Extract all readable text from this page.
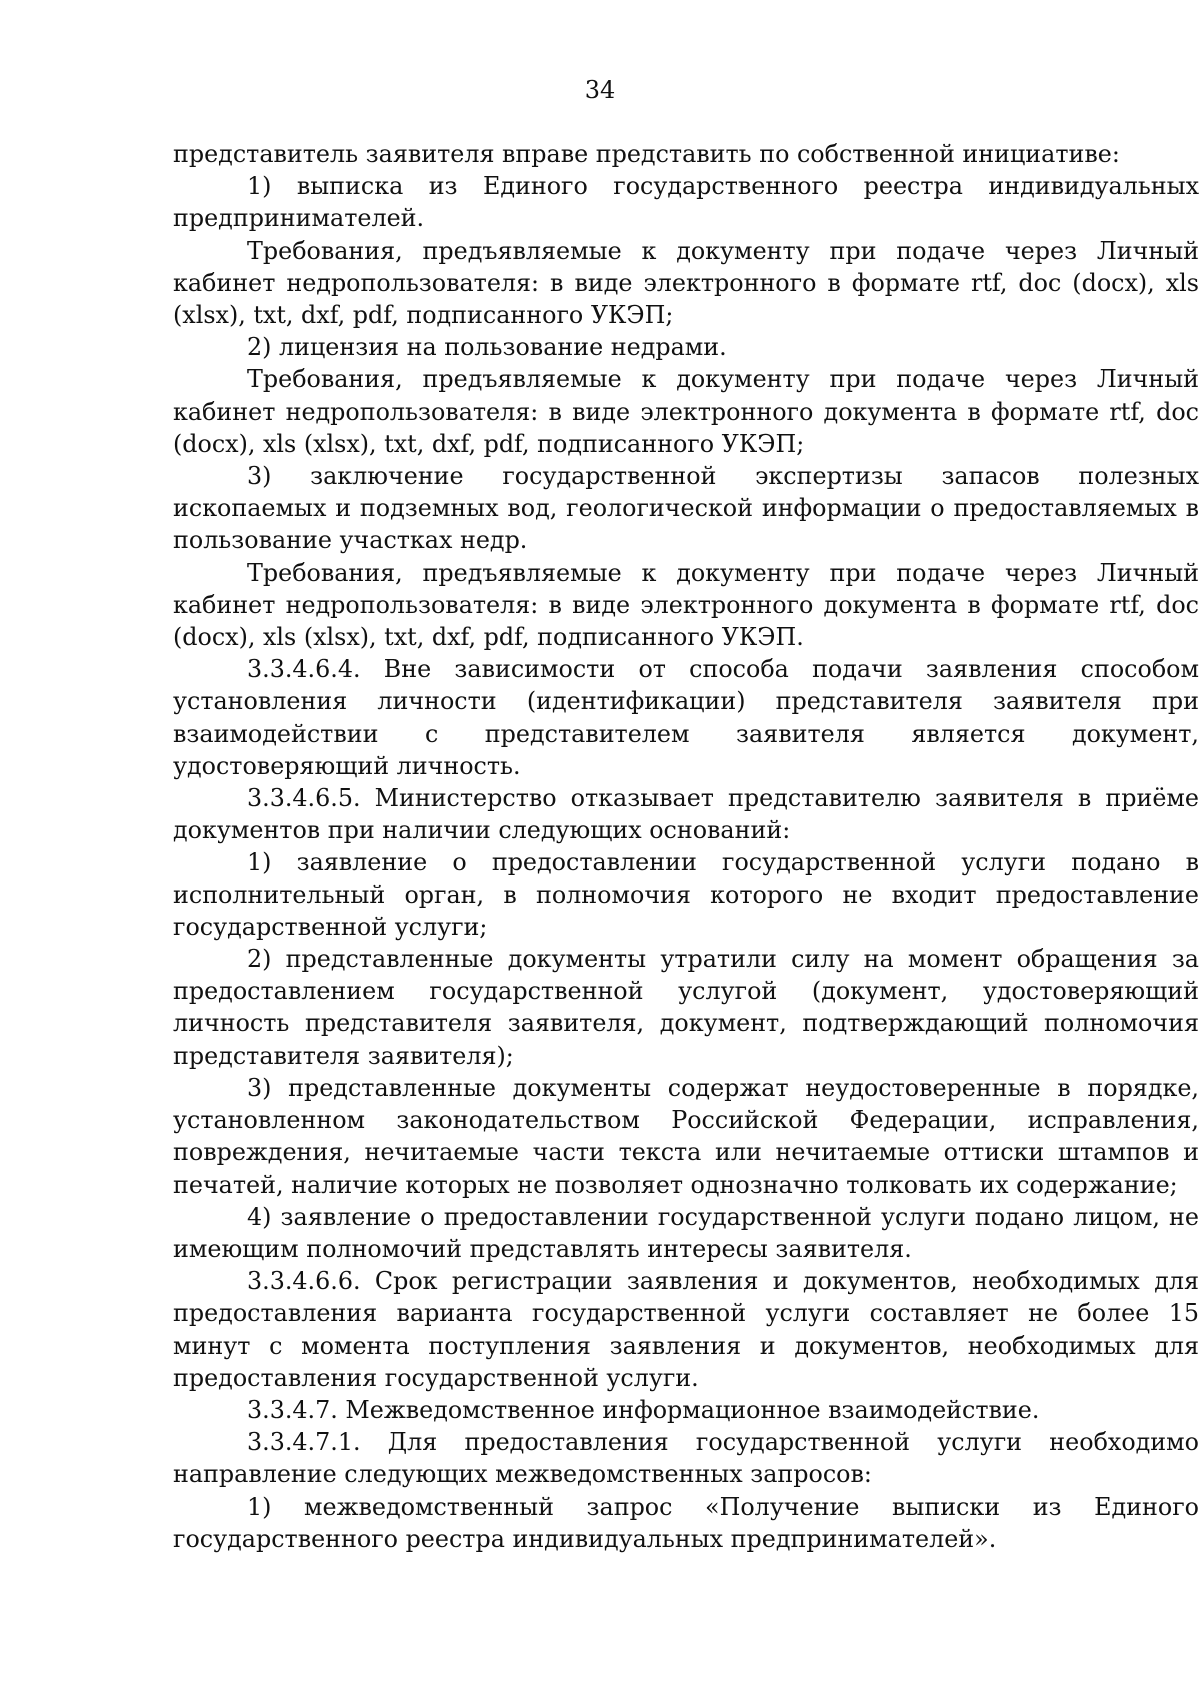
34

представитель заявителя вправе представить по собственной инициативе:

1) выписка из Единого государственного реестра индивидуальных предпринимателей.

Требования, предъявляемые к документу при подаче через Личный кабинет недропользователя: в виде электронного в формате rtf, doc (docx), xls (xlsx), txt, dxf, pdf, подписанного УКЭП;

2) лицензия на пользование недрами.

Требования, предъявляемые к документу при подаче через Личный кабинет недропользователя: в виде электронного документа в формате rtf, doc (docx), xls (xlsx), txt, dxf, pdf, подписанного УКЭП;

3) заключение государственной экспертизы запасов полезных ископаемых и подземных вод, геологической информации о предоставляемых в пользование участках недр.

Требования, предъявляемые к документу при подаче через Личный кабинет недропользователя: в виде электронного документа в формате rtf, doc (docx), xls (xlsx), txt, dxf, pdf, подписанного УКЭП.

3.3.4.6.4. Вне зависимости от способа подачи заявления способом установления личности (идентификации) представителя заявителя при взаимодействии с представителем заявителя является документ, удостоверяющий личность.

3.3.4.6.5. Министерство отказывает представителю заявителя в приёме документов при наличии следующих оснований:

1) заявление о предоставлении государственной услуги подано в исполнительный орган, в полномочия которого не входит предоставление государственной услуги;

2) представленные документы утратили силу на момент обращения за предоставлением государственной услугой (документ, удостоверяющий личность представителя заявителя, документ, подтверждающий полномочия представителя заявителя);

3) представленные документы содержат неудостоверенные в порядке, установленном законодательством Российской Федерации, исправления, повреждения, нечитаемые части текста или нечитаемые оттиски штампов и печатей, наличие которых не позволяет однозначно толковать их содержание;

4) заявление о предоставлении государственной услуги подано лицом, не имеющим полномочий представлять интересы заявителя.

3.3.4.6.6. Срок регистрации заявления и документов, необходимых для предоставления варианта государственной услуги составляет не более 15 минут с момента поступления заявления и документов, необходимых для предоставления государственной услуги.

3.3.4.7. Межведомственное информационное взаимодействие.

3.3.4.7.1. Для предоставления государственной услуги необходимо направление следующих межведомственных запросов:

1) межведомственный запрос «Получение выписки из Единого государственного реестра индивидуальных предпринимателей».
